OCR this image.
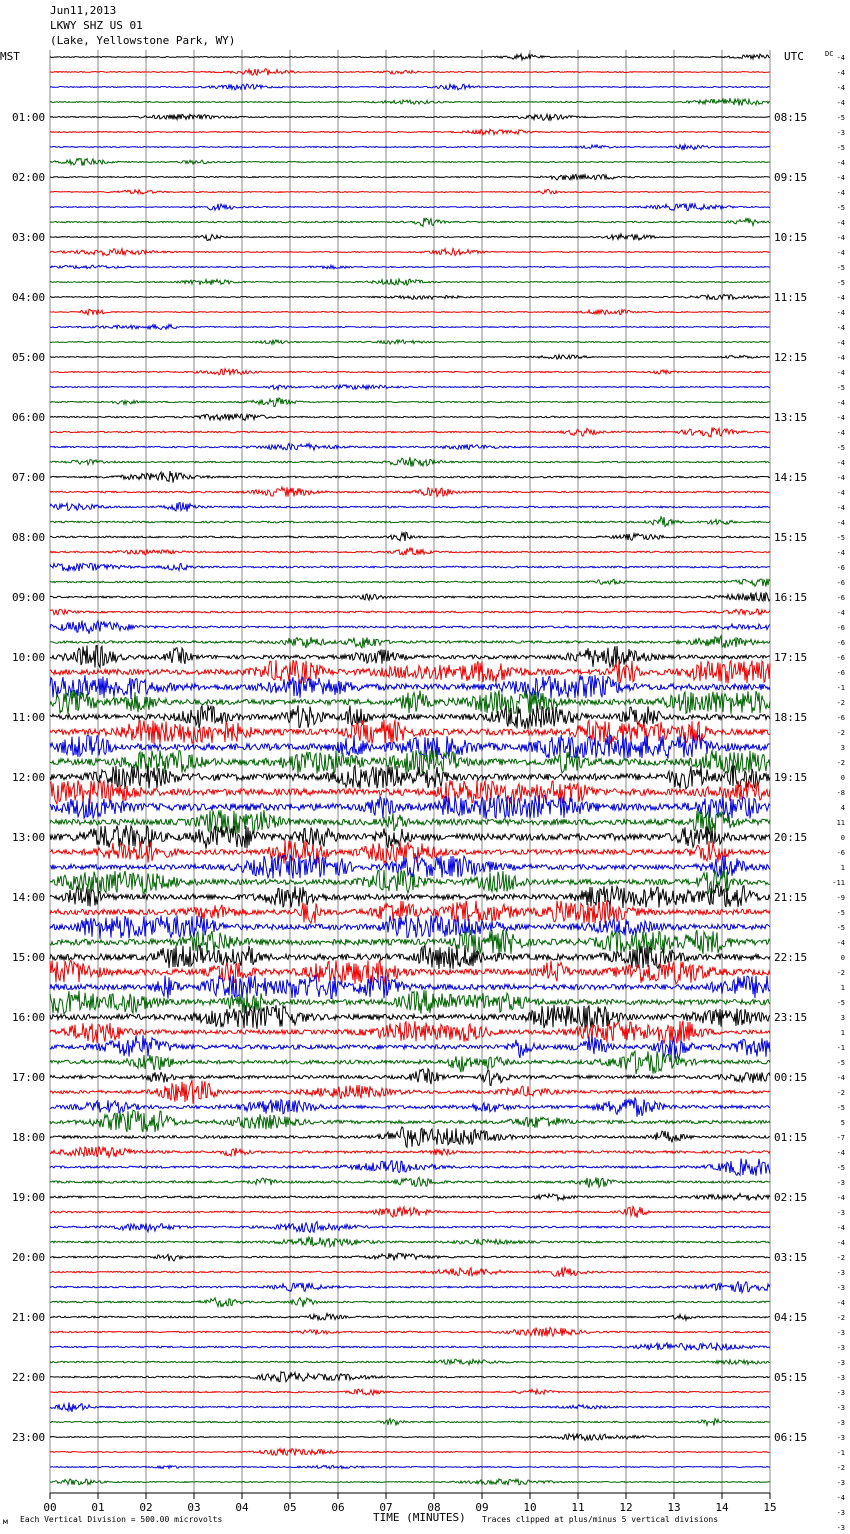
Jun11,2013
LKWY SHZ US 01
(Lake, Yellowstone Park, WY)
MST	UTC	DC
01:00
02:00
03:00
04:00
05:00
06:00
07:00
08:00
09:00
10:00
11:00
12:00
13:00
14:00
15:00
16:00
17:00
18:00
19:00
20:00
21:00
22:00
23:00
08:15
09:15
10:15
11:15
12:15
13:15
14:15
15:15
16:15
17:15
18:15
19:15
20:15
21:15
22:15
23:15
00:15
01:15
02:15
03:15
04:15
05:15
06:15
-4
-4
-4
-4
-5
-3
-5
-4
-4
-4
-5
-4
-4
-4
-5
-5
-4
-4
-4
-4
-4
-4
-5
-4
-4
-4
-5
-4
-4
-4
-4
-4
-5
-4
-6
-6
-6
-4
-6
-6
-6
-6
-1
-2
-6
-2
3
-2
0
-8
4
11
0
-6
1
-11
-9
-5
-5
-4
0
-2
1
-5
3
1
-1
-5
-4
-2
-5
5
-7
-4
-5
-3
-4
-3
-4
-4
-2
-3
-3
-4
-2
-3
-3
-3
-3
-3
-3
-3
-3
-1
-2
-3
-4
-3
-3
00	01	02	03	04	05	06	07	08	09	10	11	12	13	14	15
м Each Vertical Division = 500.00 microvolts	TIME (MINUTES) Traces clipped at plus/minus 5 vertical divisions
